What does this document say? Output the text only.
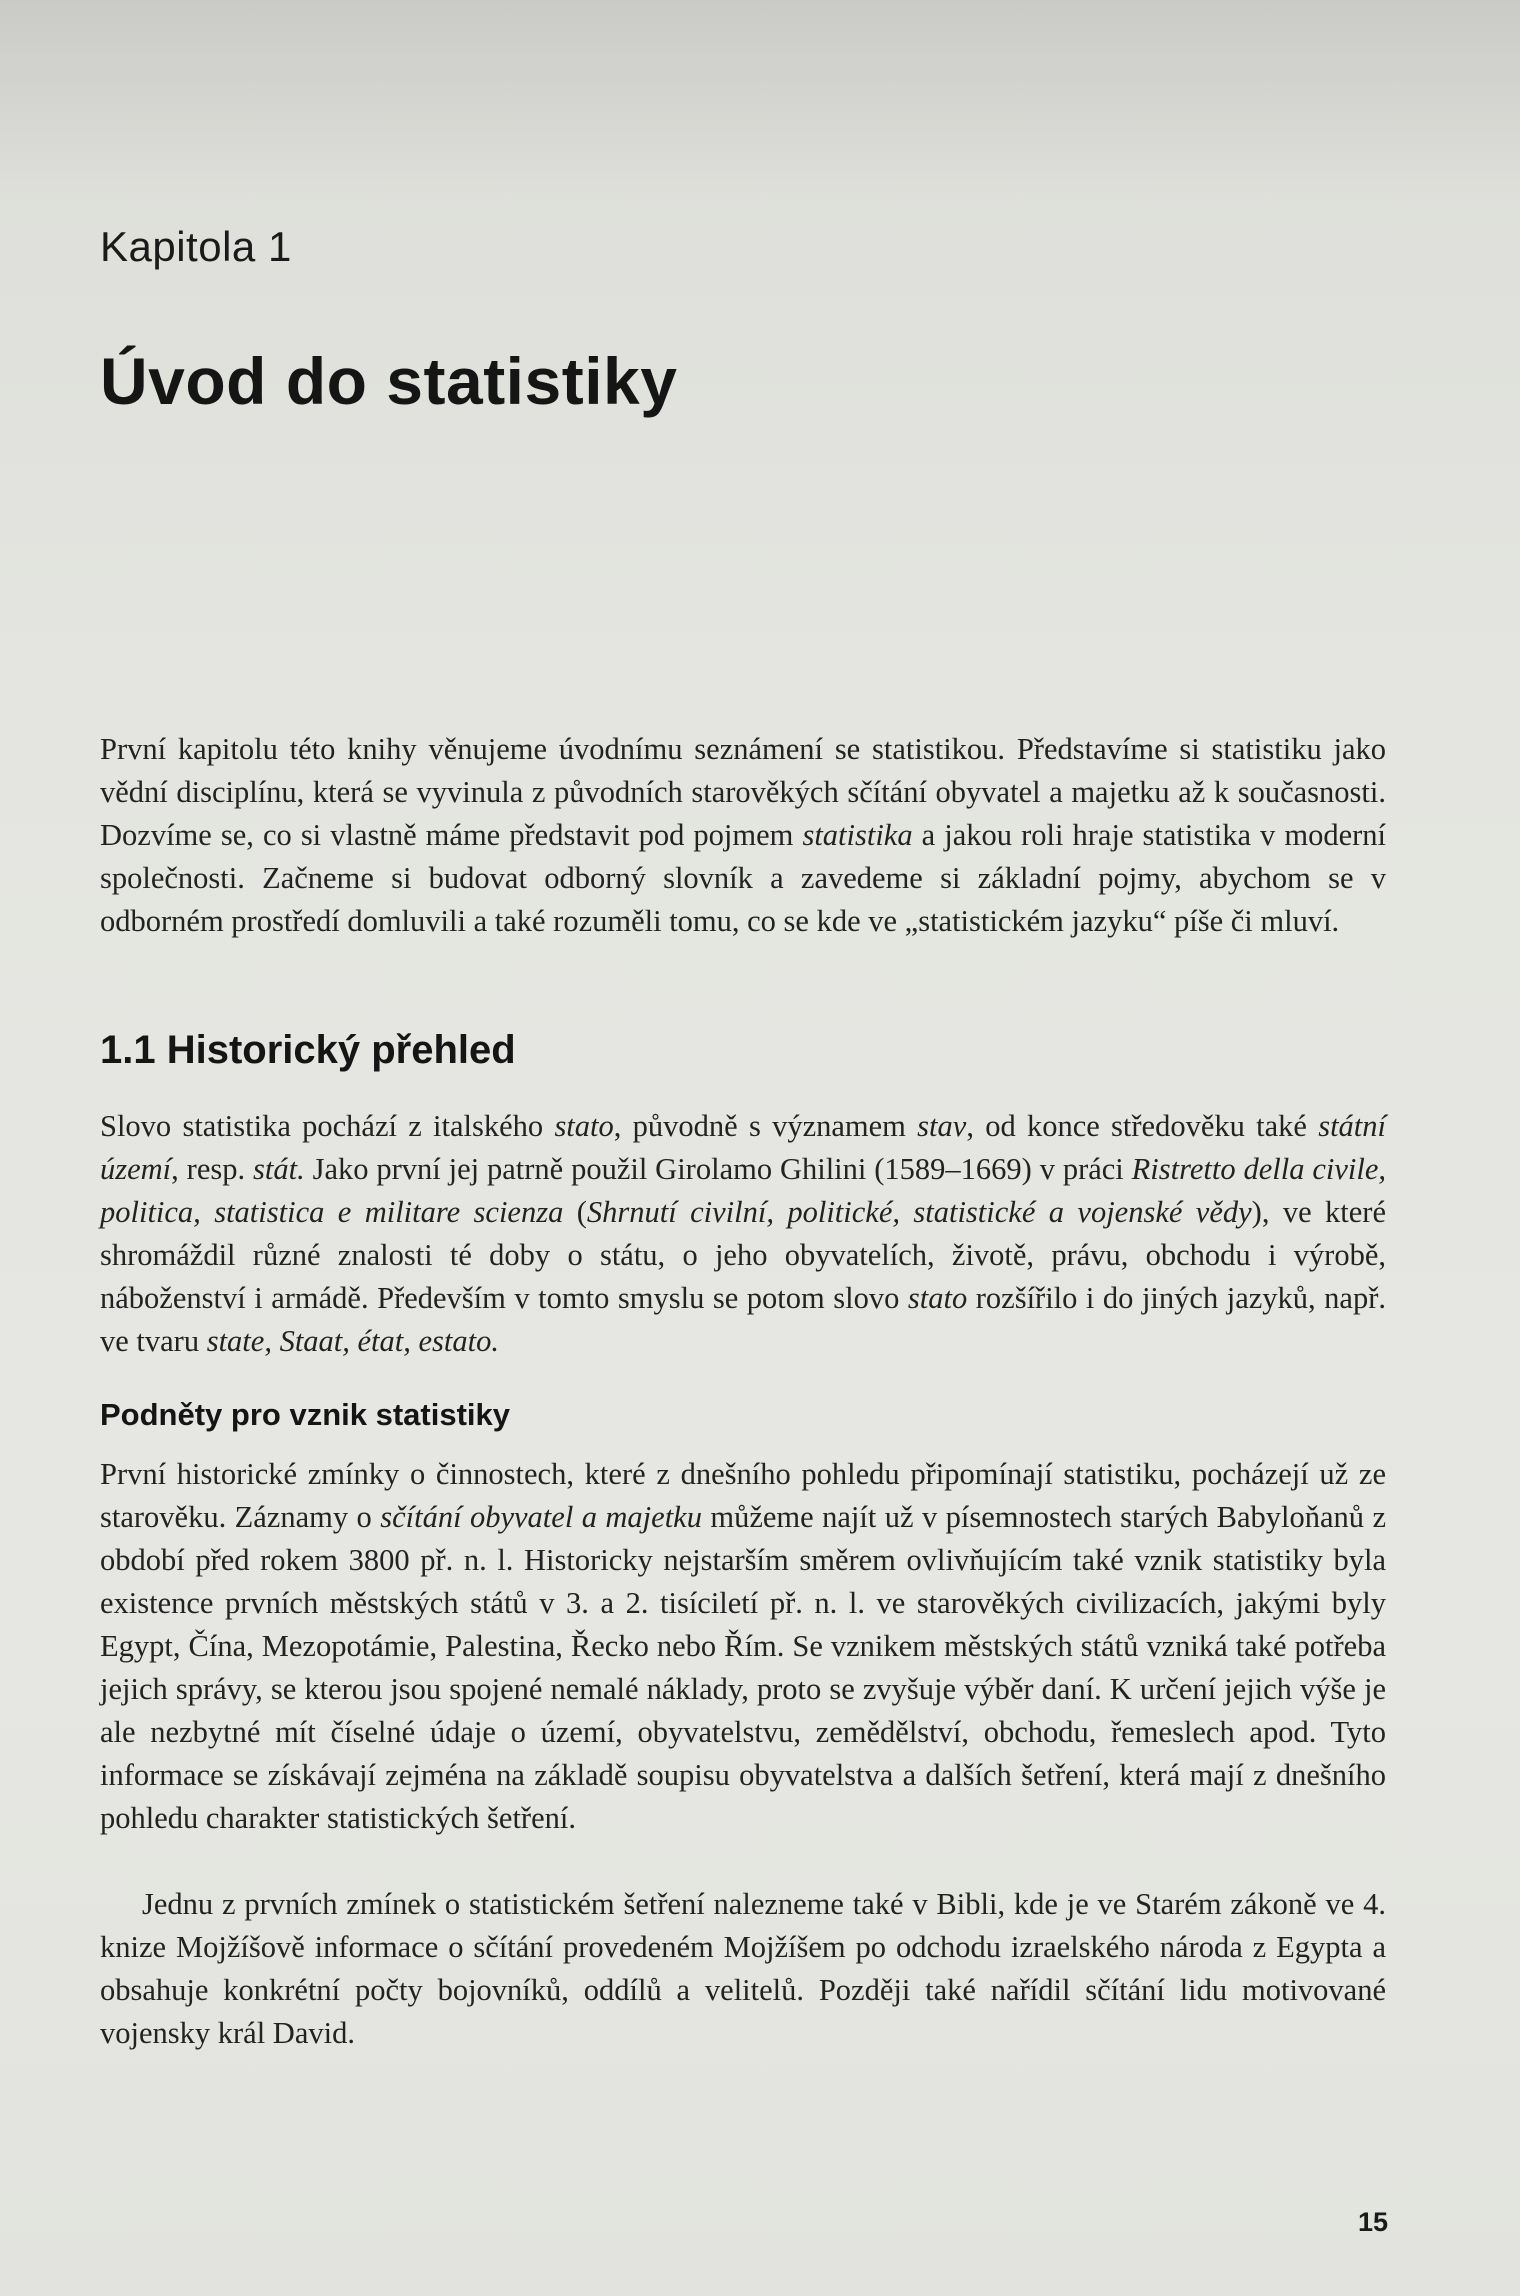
Kapitola 1
Úvod do statistiky

První kapitolu této knihy věnujeme úvodnímu seznámení se statistikou. Představíme si statistiku jako vědní disciplínu, která se vyvinula z původních starověkých sčítání obyvatel a majetku až k současnosti. Dozvíme se, co si vlastně máme představit pod pojmem statistika a jakou roli hraje statistika v moderní společnosti. Začneme si budovat odborný slovník a zavedeme si základní pojmy, abychom se v odborném prostředí domluvili a také rozuměli tomu, co se kde ve „statistickém jazyku“ píše či mluví.

1.1 Historický přehled

Slovo statistika pochází z italského stato, původně s významem stav, od konce středověku také státní území, resp. stát. Jako první jej patrně použil Girolamo Ghilini (1589–1669) v práci Ristretto della civile, politica, statistica e militare scienza (Shrnutí civilní, politické, statistické a vojenské vědy), ve které shromáždil různé znalosti té doby o státu, o jeho obyvatelích, životě, právu, obchodu i výrobě, náboženství i armádě. Především v tomto smyslu se potom slovo stato rozšířilo i do jiných jazyků, např. ve tvaru state, Staat, état, estato.

Podněty pro vznik statistiky

První historické zmínky o činnostech, které z dnešního pohledu připomínají statistiku, pocházejí už ze starověku. Záznamy o sčítání obyvatel a majetku můžeme najít už v písemnostech starých Babyloňanů z období před rokem 3800 př. n. l. Historicky nejstarším směrem ovlivňujícím také vznik statistiky byla existence prvních městských států v 3. a 2. tisíciletí př. n. l. ve starověkých civilizacích, jakými byly Egypt, Čína, Mezopotámie, Palestina, Řecko nebo Řím. Se vznikem městských států vzniká také potřeba jejich správy, se kterou jsou spojené nemalé náklady, proto se zvyšuje výběr daní. K určení jejich výše je ale nezbytné mít číselné údaje o území, obyvatelstvu, zemědělství, obchodu, řemeslech apod. Tyto informace se získávají zejména na základě soupisu obyvatelstva a dalších šetření, která mají z dnešního pohledu charakter statistických šetření.

Jednu z prvních zmínek o statistickém šetření nalezneme také v Bibli, kde je ve Starém zákoně ve 4. knize Mojžíšově informace o sčítání provedeném Mojžíšem po odchodu izraelského národa z Egypta a obsahuje konkrétní počty bojovníků, oddílů a velitelů. Později také nařídil sčítání lidu motivované vojensky král David.

15
